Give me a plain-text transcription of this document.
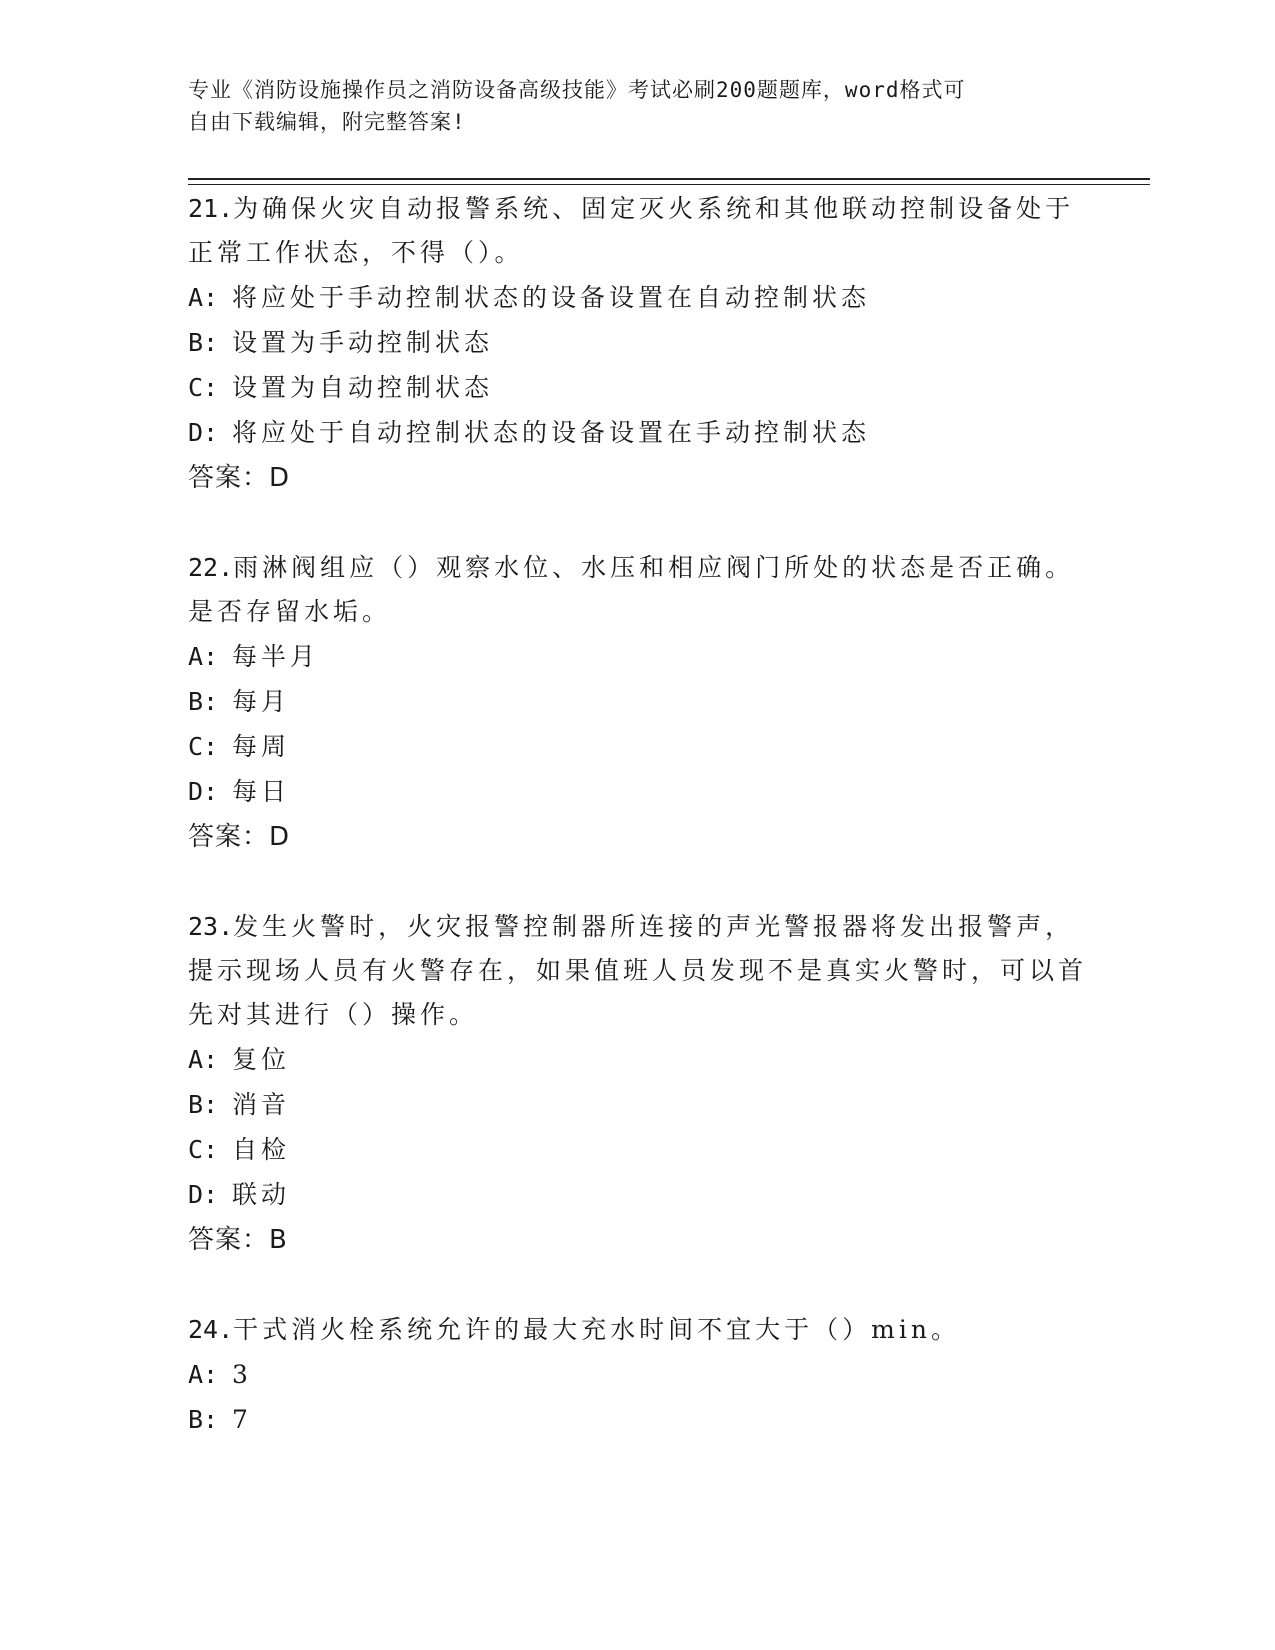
专业《消防设施操作员之消防设备高级技能》考试必刷200题题库，word格式可
自由下载编辑，附完整答案!
21.为确保火灾自动报警系统、固定灭火系统和其他联动控制设备处于正常工作状态，不得（）。
A: 将应处于手动控制状态的设备设置在自动控制状态
B: 设置为手动控制状态
C: 设置为自动控制状态
D: 将应处于自动控制状态的设备设置在手动控制状态
答案：D
22.雨淋阀组应（）观察水位、水压和相应阀门所处的状态是否正确。是否存留水垢。
A: 每半月
B: 每月
C: 每周
D: 每日
答案：D
23.发生火警时，火灾报警控制器所连接的声光警报器将发出报警声，提示现场人员有火警存在，如果值班人员发现不是真实火警时，可以首先对其进行（）操作。
A: 复位
B: 消音
C: 自检
D: 联动
答案：B
24.干式消火栓系统允许的最大充水时间不宜大于（）min。
A: 3
B: 7
